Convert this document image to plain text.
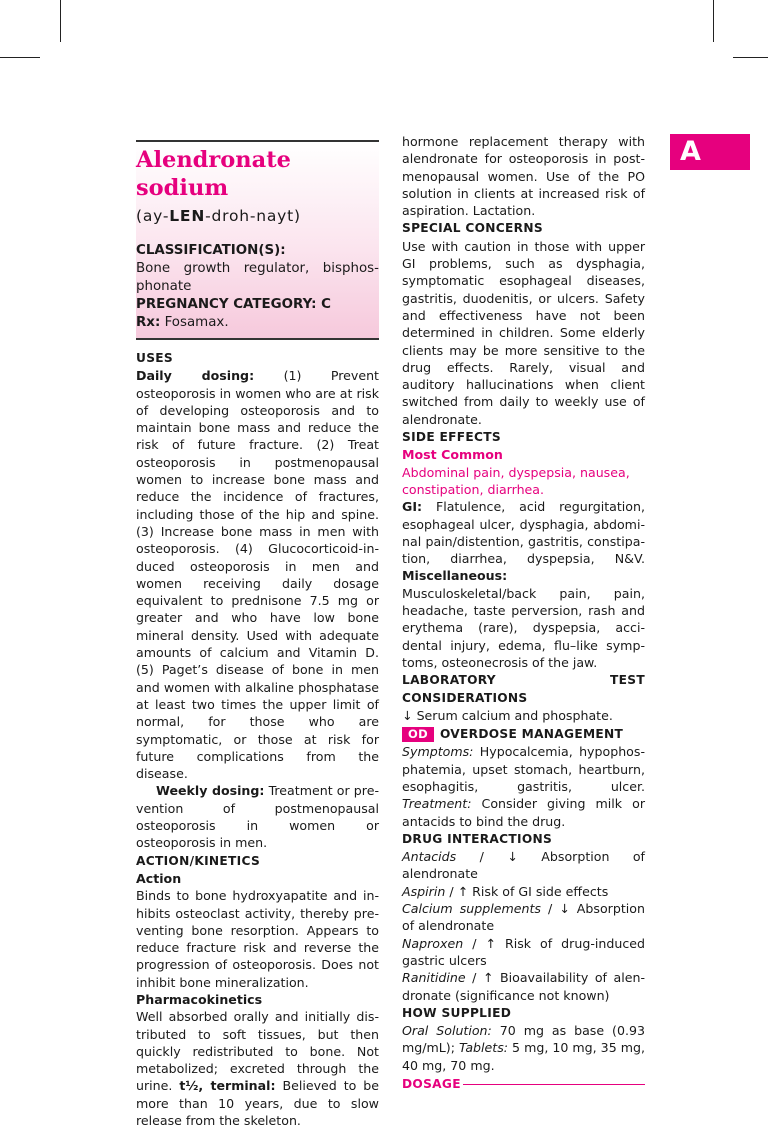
A
Alendronate sodium
(ay-LEN-droh-nayt)
CLASSIFICATION(S):
Bone growth regulator, bisphosphonate
PREGNANCY CATEGORY: C
Rx: Fosamax.
USES

Daily dosing: (1) Prevent osteoporosis in women who are at risk of developing osteoporosis and to maintain bone mass and reduce the risk of future fracture. (2) Treat osteoporosis in postmenopausal women to increase bone mass and reduce the incidence of fractures, including those of the hip and spine. (3) Increase bone mass in men with osteoporosis. (4) Glucocorticoid-induced osteoporosis in men and women receiving daily dosage equivalent to prednisone 7.5 mg or greater and who have low bone mineral density. Used with adequate amounts of calcium and Vitamin D. (5) Paget’s disease of bone in men and women with alkaline phosphatase at least two times the upper limit of normal, for those who are symptomatic, or those at risk for future complications from the disease.

Weekly dosing: Treatment or prevention of postmenopausal osteoporosis in women or osteoporosis in men.

ACTION/KINETICS
Action

Binds to bone hydroxyapatite and inhibits osteoclast activity, thereby preventing bone resorption. Appears to reduce fracture risk and reverse the progression of osteoporosis. Does not inhibit bone mineralization.

Pharmacokinetics

Well absorbed orally and initially distributed to soft tissues, but then quickly redistributed to bone. Not metabolized; excreted through the urine. t½, terminal: Believed to be more than 10 years, due to slow release from the skeleton.

hormone replacement therapy with alendronate for osteoporosis in postmenopausal women. Use of the PO solution in clients at increased risk of aspiration. Lactation.

SPECIAL CONCERNS

Use with caution in those with upper GI problems, such as dysphagia, symptomatic esophageal diseases, gastritis, duodenitis, or ulcers. Safety and effectiveness have not been determined in children. Some elderly clients may be more sensitive to the drug effects. Rarely, visual and auditory hallucinations when client switched from daily to weekly use of alendronate.

SIDE EFFECTS
Most Common

Abdominal pain, dyspepsia, nausea, constipation, diarrhea.

GI: Flatulence, acid regurgitation, esophageal ulcer, dysphagia, abdominal pain/distention, gastritis, constipation, diarrhea, dyspepsia, N&V. Miscellaneous: Musculoskeletal/back pain, pain, headache, taste perversion, rash and erythema (rare), dyspepsia, accidental injury, edema, flu–like symptoms, osteonecrosis of the jaw.

LABORATORY TEST CONSIDERATIONS

↓ Serum calcium and phosphate.

OD OVERDOSE MANAGEMENT

Symptoms: Hypocalcemia, hypophosphatemia, upset stomach, heartburn, esophagitis, gastritis, ulcer. Treatment: Consider giving milk or antacids to bind the drug.

DRUG INTERACTIONS

Antacids / ↓ Absorption of alendronate

Aspirin / ↑ Risk of GI side effects

Calcium supplements / ↓ Absorption of alendronate

Naproxen / ↑ Risk of drug-induced gastric ulcers

Ranitidine / ↑ Bioavailability of alendronate (significance not known)

HOW SUPPLIED

Oral Solution: 70 mg as base (0.93 mg/mL); Tablets: 5 mg, 10 mg, 35 mg, 40 mg, 70 mg.

DOSAGE
